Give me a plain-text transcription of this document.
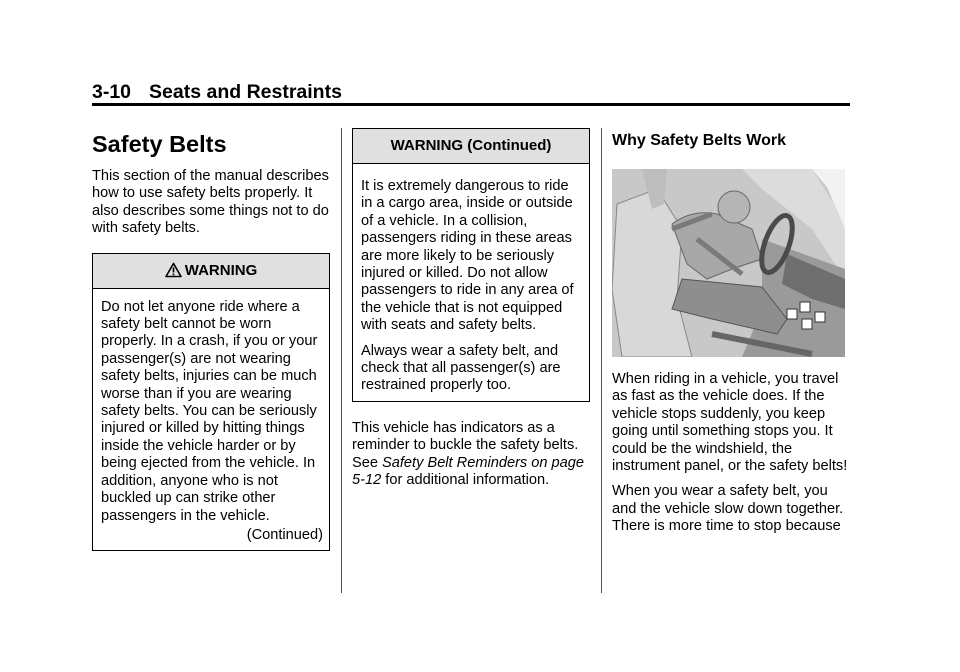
3-10 Seats and Restraints
Safety Belts

This section of the manual describes how to use safety belts properly. It also describes some things not to do with safety belts.

WARNING

Do not let anyone ride where a safety belt cannot be worn properly. In a crash, if you or your passenger(s) are not wearing safety belts, injuries can be much worse than if you are wearing safety belts. You can be seriously injured or killed by hitting things inside the vehicle harder or by being ejected from the vehicle. In addition, anyone who is not buckled up can strike other passengers in the vehicle.

(Continued)

WARNING (Continued)

It is extremely dangerous to ride in a cargo area, inside or outside of a vehicle. In a collision, passengers riding in these areas are more likely to be seriously injured or killed. Do not allow passengers to ride in any area of the vehicle that is not equipped with seats and safety belts.

Always wear a safety belt, and check that all passenger(s) are restrained properly too.

This vehicle has indicators as a reminder to buckle the safety belts. See Safety Belt Reminders on page 5-12 for additional information.

Why Safety Belts Work

When riding in a vehicle, you travel as fast as the vehicle does. If the vehicle stops suddenly, you keep going until something stops you. It could be the windshield, the instrument panel, or the safety belts!

When you wear a safety belt, you and the vehicle slow down together. There is more time to stop because
